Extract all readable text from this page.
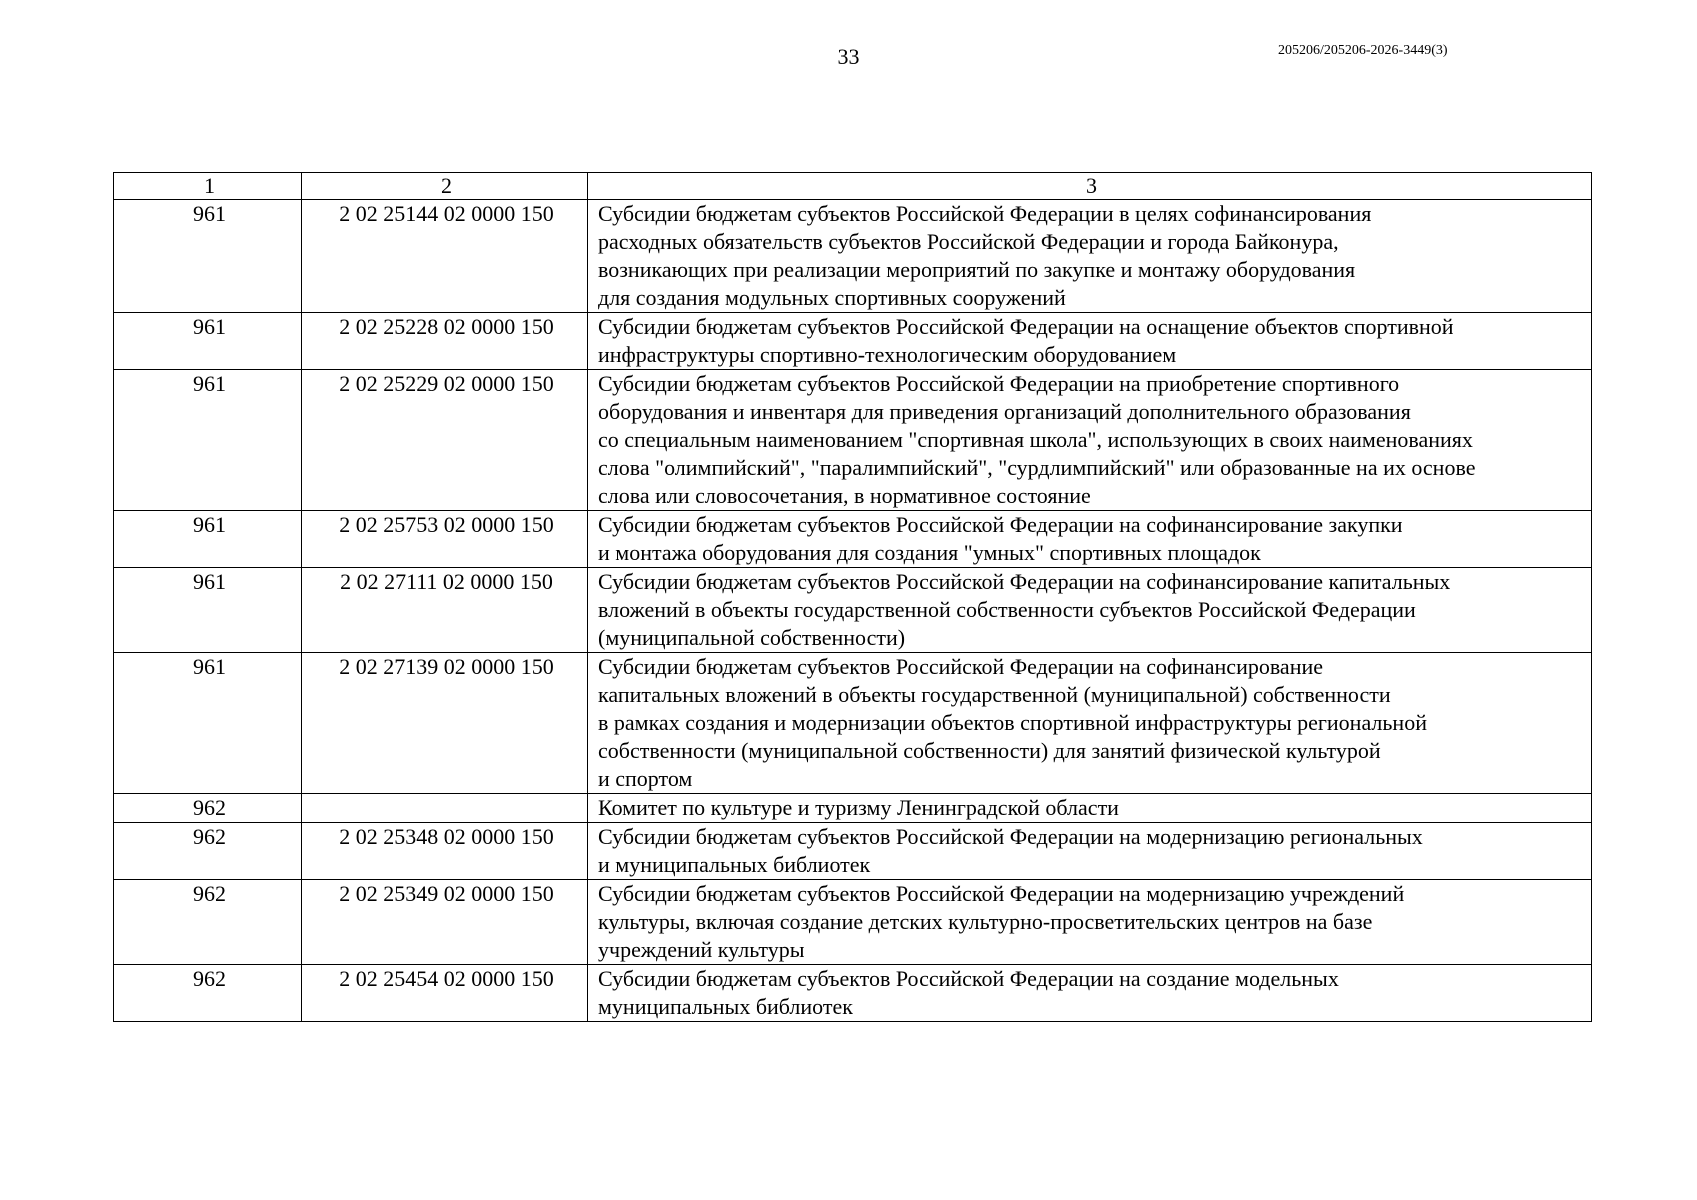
33	205206/205206-2026-3449(3)
1	2	3
961	2 02 25144 02 0000 150	Субсидии бюджетам субъектов Российской Федерации в целях софинансирования
расходных обязательств субъектов Российской Федерации и города Байконура,
возникающих при реализации мероприятий по закупке и монтажу оборудования
для создания модульных спортивных сооружений

961	2 02 25228 02 0000 150	Субсидии бюджетам субъектов Российской Федерации на оснащение объектов спортивной
инфраструктуры спортивно-технологическим оборудованием

961	2 02 25229 02 0000 150	Субсидии бюджетам субъектов Российской Федерации на приобретение спортивного
оборудования и инвентаря для приведения организаций дополнительного образования
со специальным наименованием "спортивная школа", использующих в своих наименованиях
слова "олимпийский", "паралимпийский", "сурдлимпийский" или образованные на их основе
слова или словосочетания, в нормативное состояние

961	2 02 25753 02 0000 150	Субсидии бюджетам субъектов Российской Федерации на софинансирование закупки
и монтажа оборудования для создания "умных" спортивных площадок

961	2 02 27111 02 0000 150	Субсидии бюджетам субъектов Российской Федерации на софинансирование капитальных
вложений в объекты государственной собственности субъектов Российской Федерации
(муниципальной собственности)

961	2 02 27139 02 0000 150	Субсидии бюджетам субъектов Российской Федерации на софинансирование
капитальных вложений в объекты государственной (муниципальной) собственности
в рамках создания и модернизации объектов спортивной инфраструктуры региональной
собственности (муниципальной собственности) для занятий физической культурой
и спортом

962		Комитет по культуре и туризму Ленинградской области

962	2 02 25348 02 0000 150	Субсидии бюджетам субъектов Российской Федерации на модернизацию региональных
и муниципальных библиотек

962	2 02 25349 02 0000 150	Субсидии бюджетам субъектов Российской Федерации на модернизацию учреждений
культуры, включая создание детских культурно-просветительских центров на базе
учреждений культуры

962	2 02 25454 02 0000 150	Субсидии бюджетам субъектов Российской Федерации на создание модельных
муниципальных библиотек
